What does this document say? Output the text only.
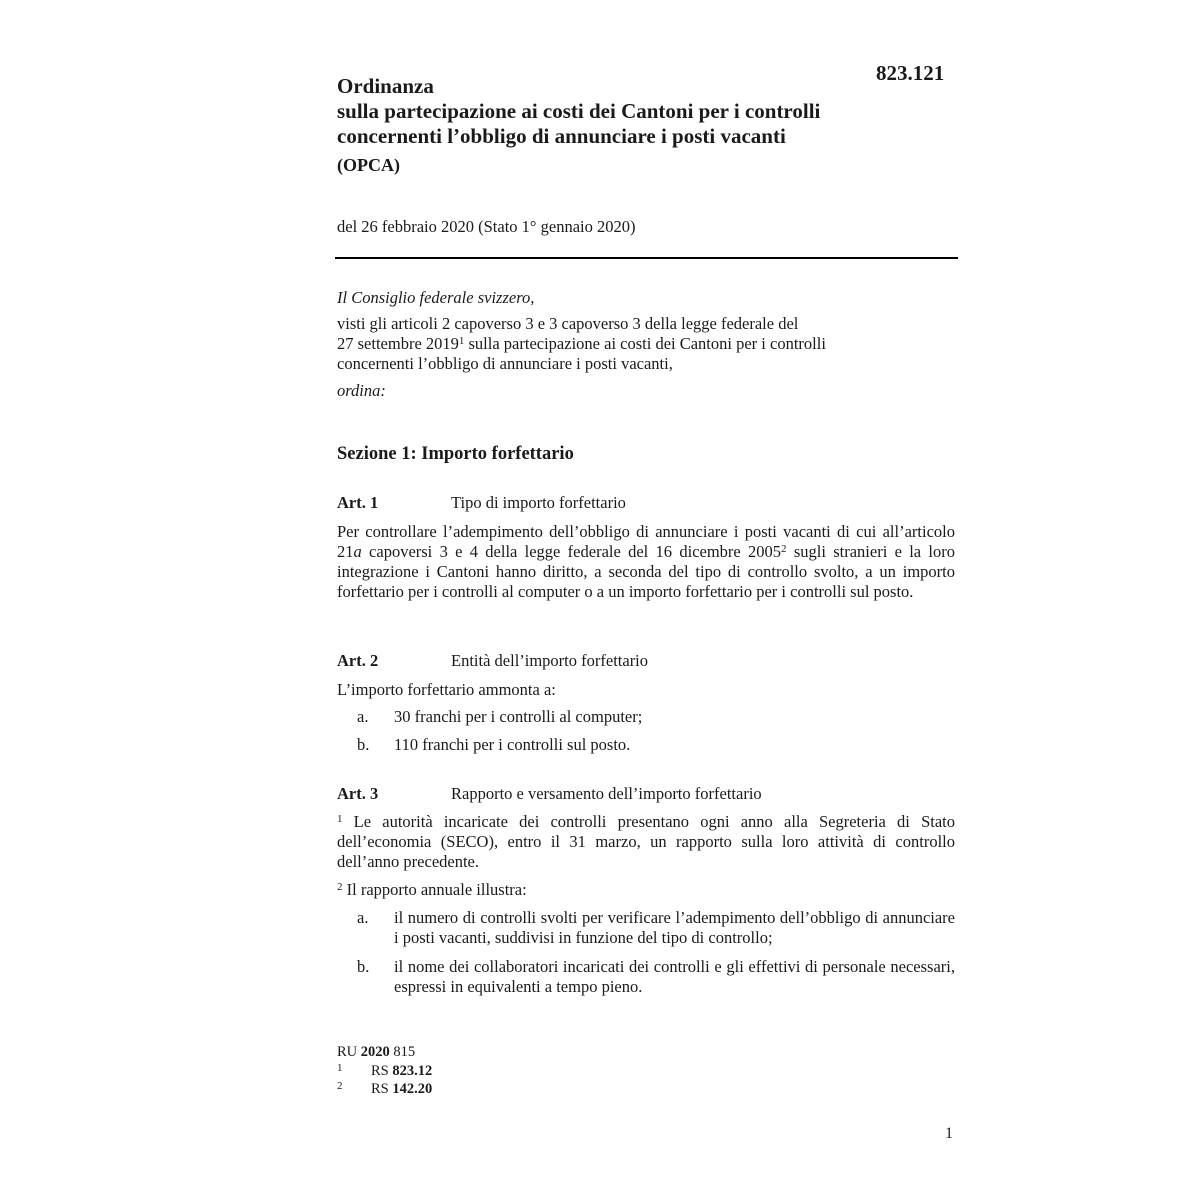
823.121
Ordinanza
sulla partecipazione ai costi dei Cantoni per i controlli
concernenti l’obbligo di annunciare i posti vacanti
(OPCA)
del 26 febbraio 2020 (Stato 1° gennaio 2020)
Il Consiglio federale svizzero,
visti gli articoli 2 capoverso 3 e 3 capoverso 3 della legge federale del
27 settembre 2019$^1$ sulla partecipazione ai costi dei Cantoni per i controlli
concernenti l’obbligo di annunciare i posti vacanti,
ordina:
Sezione 1: Importo forfettario
Art. 1	Tipo di importo forfettario
Per controllare l’adempimento dell’obbligo di annunciare i posti vacanti di cui all’articolo 21a capoversi 3 e 4 della legge federale del 16 dicembre 2005$^2$ sugli stranieri e la loro integrazione i Cantoni hanno diritto, a seconda del tipo di controllo svolto, a un importo forfettario per i controlli al computer o a un importo forfettario per i controlli sul posto.
Art. 2	Entità dell’importo forfettario
L’importo forfettario ammonta a:
a. 30 franchi per i controlli al computer;
b. 110 franchi per i controlli sul posto.
Art. 3	Rapporto e versamento dell’importo forfettario
$^1$ Le autorità incaricate dei controlli presentano ogni anno alla Segreteria di Stato dell’economia (SECO), entro il 31 marzo, un rapporto sulla loro attività di controllo dell’anno precedente.
$^2$ Il rapporto annuale illustra:
a. il numero di controlli svolti per verificare l’adempimento dell’obbligo di annunciare i posti vacanti, suddivisi in funzione del tipo di controllo;
b. il nome dei collaboratori incaricati dei controlli e gli effettivi di personale necessari, espressi in equivalenti a tempo pieno.
RU 2020 815
1 RS 823.12
2 RS 142.20
1
